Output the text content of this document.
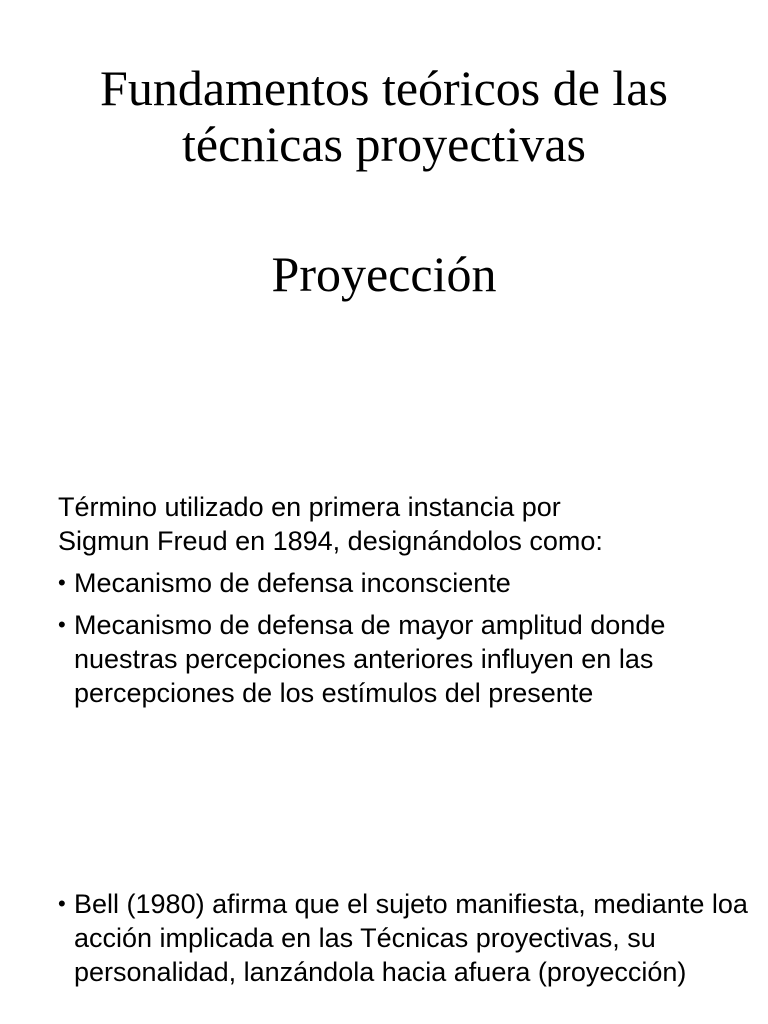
Fundamentos teóricos de las
técnicas proyectivas
Proyección

Término utilizado en primera instancia por
Sigmun Freud en 1894, designándolos como:

• Mecanismo de defensa inconsciente
• Mecanismo de defensa de mayor amplitud donde nuestras percepciones anteriores influyen en las percepciones de los estímulos del presente
• Bell (1980) afirma que el sujeto manifiesta, mediante loa acción implicada en las Técnicas proyectivas, su personalidad, lanzándola hacia afuera (proyección)
